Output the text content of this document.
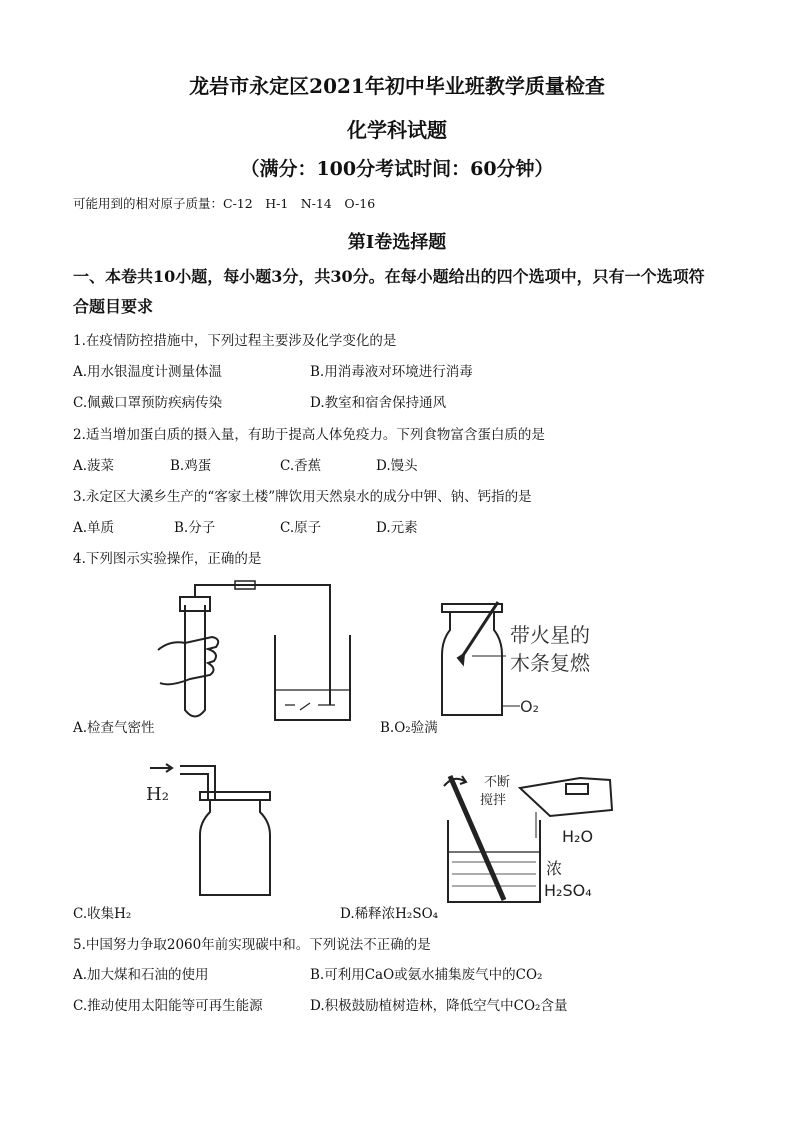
龙岩市永定区2021年初中毕业班教学质量检查
化学科试题
（满分：100分考试时间：60分钟）
可能用到的相对原子质量：C-12　H-1　N-14　O-16
第I卷选择题
一、本卷共10小题，每小题3分，共30分。在每小题给出的四个选项中，只有一个选项符
合题目要求
1.在疫情防控措施中，下列过程主要涉及化学变化的是
A.用水银温度计测量体温	B.用消毒液对环境进行消毒
C.佩戴口罩预防疾病传染	D.教室和宿舍保持通风
2.适当增加蛋白质的摄入量，有助于提高人体免疫力。下列食物富含蛋白质的是
A.菠菜	B.鸡蛋	C.香蕉	D.馒头
3.永定区大溪乡生产的“客家土楼”牌饮用天然泉水的成分中钾、钠、钙指的是
A.单质	B.分子	C.原子	D.元素
4.下列图示实验操作，正确的是
A.检查气密性
带火星的
木条复燃
O₂
B.O₂验满
H₂
C.收集H₂
不断
搅拌
H₂O
浓
H₂SO₄
D.稀释浓H₂SO₄
5.中国努力争取2060年前实现碳中和。下列说法不正确的是
A.加大煤和石油的使用	B.可利用CaO或氨水捕集废气中的CO₂
C.推动使用太阳能等可再生能源	D.积极鼓励植树造林，降低空气中CO₂含量
